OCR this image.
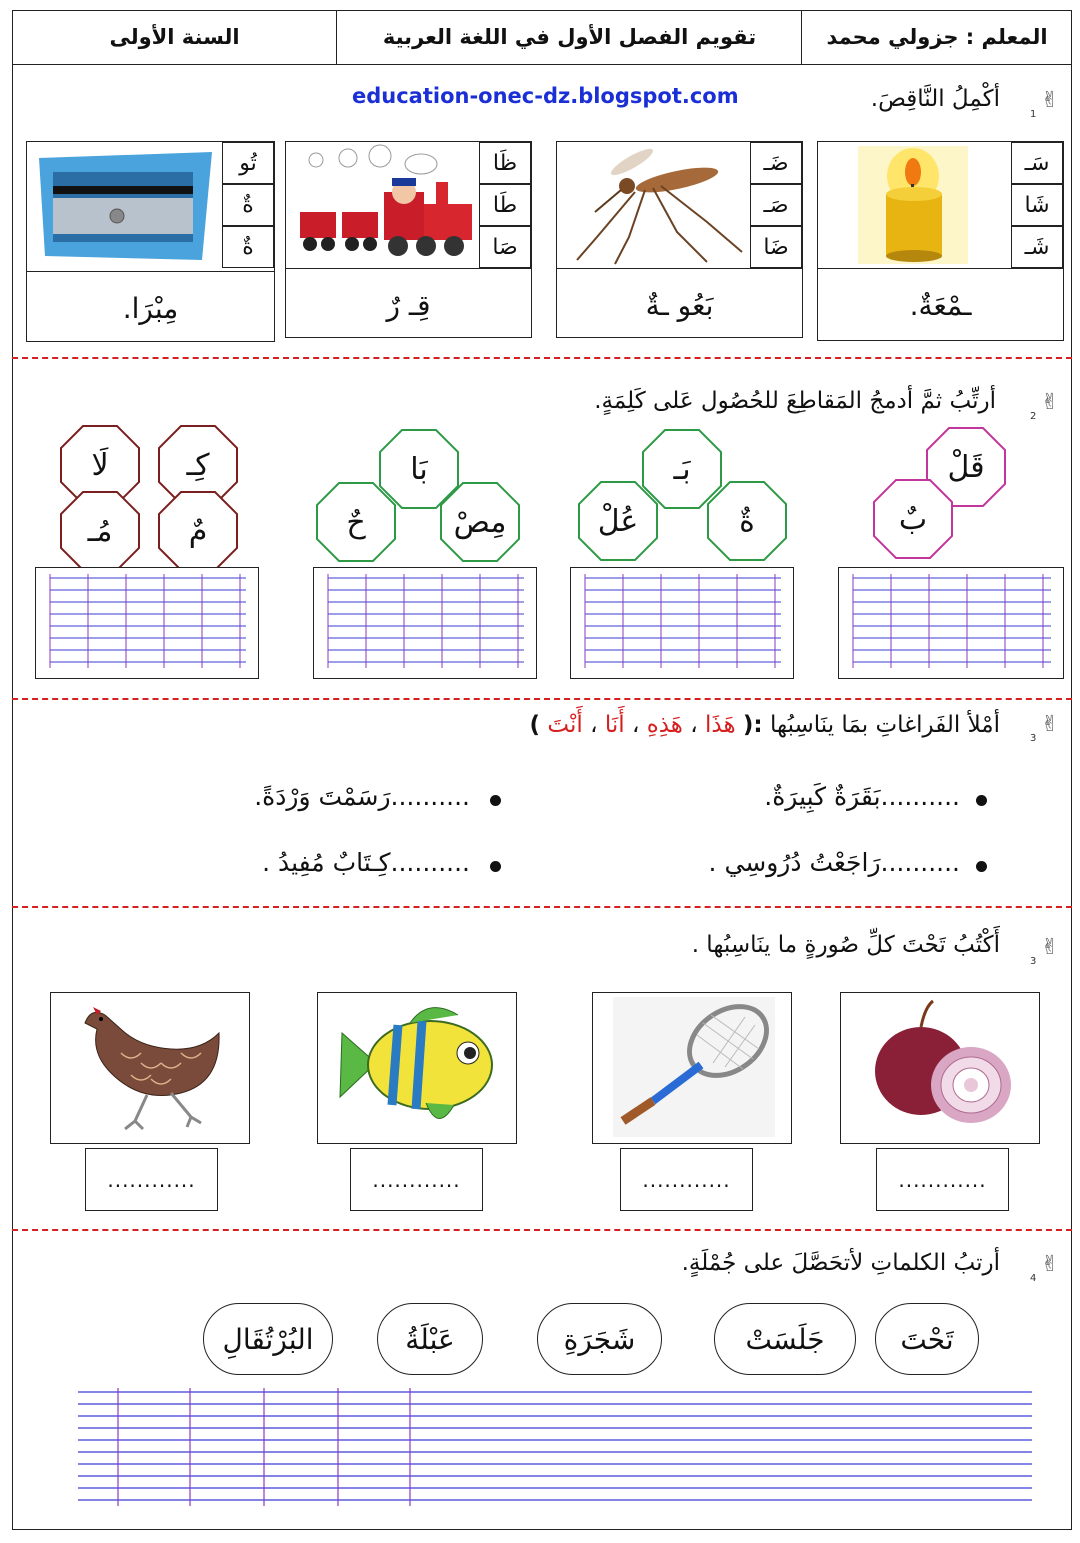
المعلم : جزولي محمد
تقويم الفصل الأول في اللغة العربية
السنة الأولى
education-onec-dz.blogspot.com	✌
1
أكْمِلُ النَّاقِصَ.
سَـ
شَا
شَـ
ـمْعَةٌ.
ضَـ
صَـ
ضَا
بَعُو ـةٌ
ظَا
طَا
صَا
قِـ رٌ
تُو
ةٌ
ةٌ
مِبْرَا.
✌
2
أرتِّبُ ثمَّ أدمجُ المَقاطِعَ للحُصُول عَلى كَلِمَةٍ.
قَلْ
بٌ
بَـ
عُلْ	ةٌ
بَا
مِصْ
حٌ
كِـ
لَا
مٌ
مُـ
✌
3
أمْلأ الفَراغاتِ بمَا ينَاسِبُها :( هَذَا ، هَذِهِ ، أَنَا ، أَنْتَ )
..........بَقَرَةٌ كَبِيرَةٌ.
..........رَسَمْتَ وَرْدَةً.
..........رَاجَعْتُ دُرُوسِي .
..........كِـتَابٌ مُفِيدُ .
✌
3
أَكْتُبُ تَحْتَ كلِّ صُورةٍ ما ينَاسِبُها .
............
............
............
............
✌
4
أرتبُ الكلماتِ لأتحَصَّلَ على جُمْلَةٍ.
تَحْتَ
جَلَسَتْ
شَجَرَةِ
عَبْلَةُ
البُرْتُقَالِ
